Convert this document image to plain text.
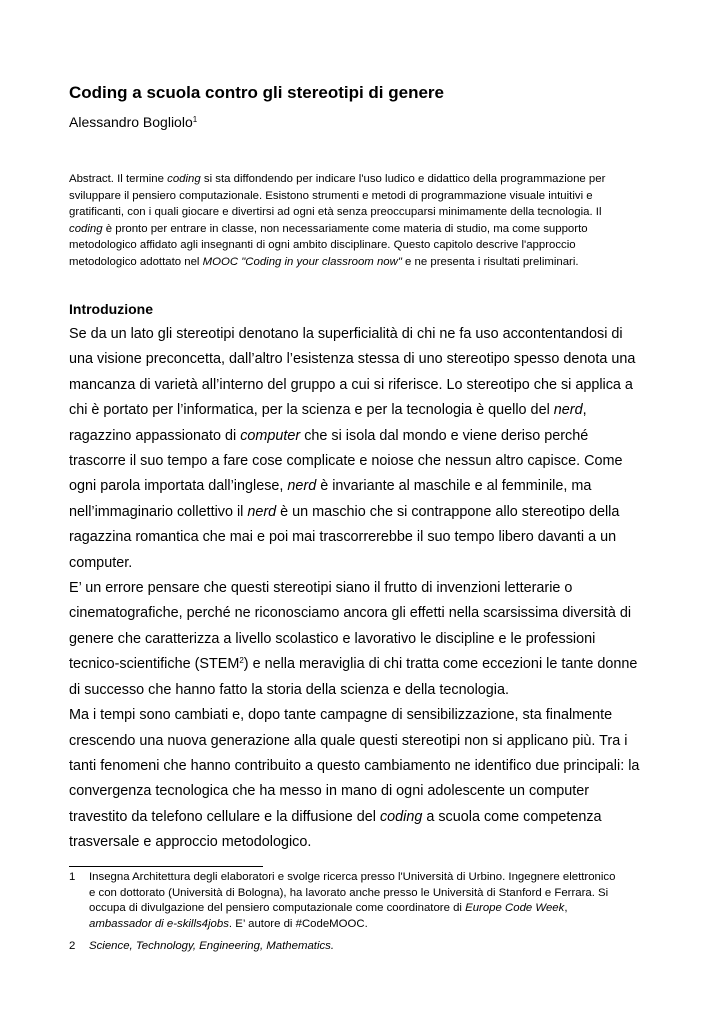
Coding a scuola contro gli stereotipi di genere
Alessandro Bogliolo$^1$
Abstract. Il termine coding si sta diffondendo per indicare l'uso ludico e didattico della programmazione per
sviluppare il pensiero computazionale. Esistono strumenti e metodi di programmazione visuale intuitivi e
gratificanti, con i quali giocare e divertirsi ad ogni età senza preoccuparsi minimamente della tecnologia. Il
coding è pronto per entrare in classe, non necessariamente come materia di studio, ma come supporto
metodologico affidato agli insegnanti di ogni ambito disciplinare. Questo capitolo descrive l'approccio
metodologico adottato nel MOOC "Coding in your classroom now" e ne presenta i risultati preliminari.
Introduzione
Se da un lato gli stereotipi denotano la superficialità di chi ne fa uso accontentandosi di
una visione preconcetta, dall’altro l’esistenza stessa di uno stereotipo spesso denota una
mancanza di varietà all’interno del gruppo a cui si riferisce. Lo stereotipo che si applica a
chi è portato per l’informatica, per la scienza e per la tecnologia è quello del nerd,
ragazzino appassionato di computer che si isola dal mondo e viene deriso perché
trascorre il suo tempo a fare cose complicate e noiose che nessun altro capisce. Come
ogni parola importata dall’inglese, nerd è invariante al maschile e al femminile, ma
nell’immaginario collettivo il nerd è un maschio che si contrappone allo stereotipo della
ragazzina romantica che mai e poi mai trascorrerebbe il suo tempo libero davanti a un
computer.
E’ un errore pensare che questi stereotipi siano il frutto di invenzioni letterarie o
cinematografiche, perché ne riconosciamo ancora gli effetti nella scarsissima diversità di
genere che caratterizza a livello scolastico e lavorativo le discipline e le professioni
tecnico-scientifiche (STEM$^2$) e nella meraviglia di chi tratta come eccezioni le tante donne
di successo che hanno fatto la storia della scienza e della tecnologia.
Ma i tempi sono cambiati e, dopo tante campagne di sensibilizzazione, sta finalmente
crescendo una nuova generazione alla quale questi stereotipi non si applicano più. Tra i
tanti fenomeni che hanno contribuito a questo cambiamento ne identifico due principali: la
convergenza tecnologica che ha messo in mano di ogni adolescente un computer
travestito da telefono cellulare e la diffusione del coding a scuola come competenza
trasversale e approccio metodologico.
1 Insegna Architettura degli elaboratori e svolge ricerca presso l'Università di Urbino. Ingegnere elettronico
e con dottorato (Università di Bologna), ha lavorato anche presso le Università di Stanford e Ferrara. Si
occupa di divulgazione del pensiero computazionale come coordinatore di Europe Code Week,
ambassador di e-skills4jobs. E’ autore di #CodeMOOC.
2 Science, Technology, Engineering, Mathematics.
